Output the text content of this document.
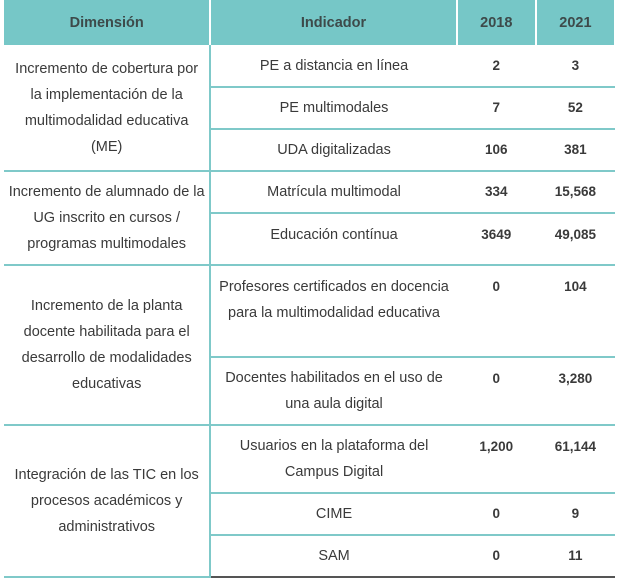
Dimensión	Indicador	2018	2021
Incremento de cobertura por la implementación de la multimodalidad educativa (ME)	PE a distancia en línea	2	3
	PE multimodales	7	52
	UDA digitalizadas	106	381
Incremento de alumnado de la UG inscrito en cursos / programas multimodales	Matrícula multimodal	334	15,568
	Educación contínua	3649	49,085
Incremento de la planta docente habilitada para el desarrollo de modalidades educativas	Profesores certificados en docencia para la multimodalidad educativa	0	104
	Docentes habilitados en el uso de una aula digital	0	3,280
Integración de las TIC en los procesos académicos y administrativos	Usuarios en la plataforma del Campus Digital	1,200	61,144
	CIME	0	9
	SAM	0	11
